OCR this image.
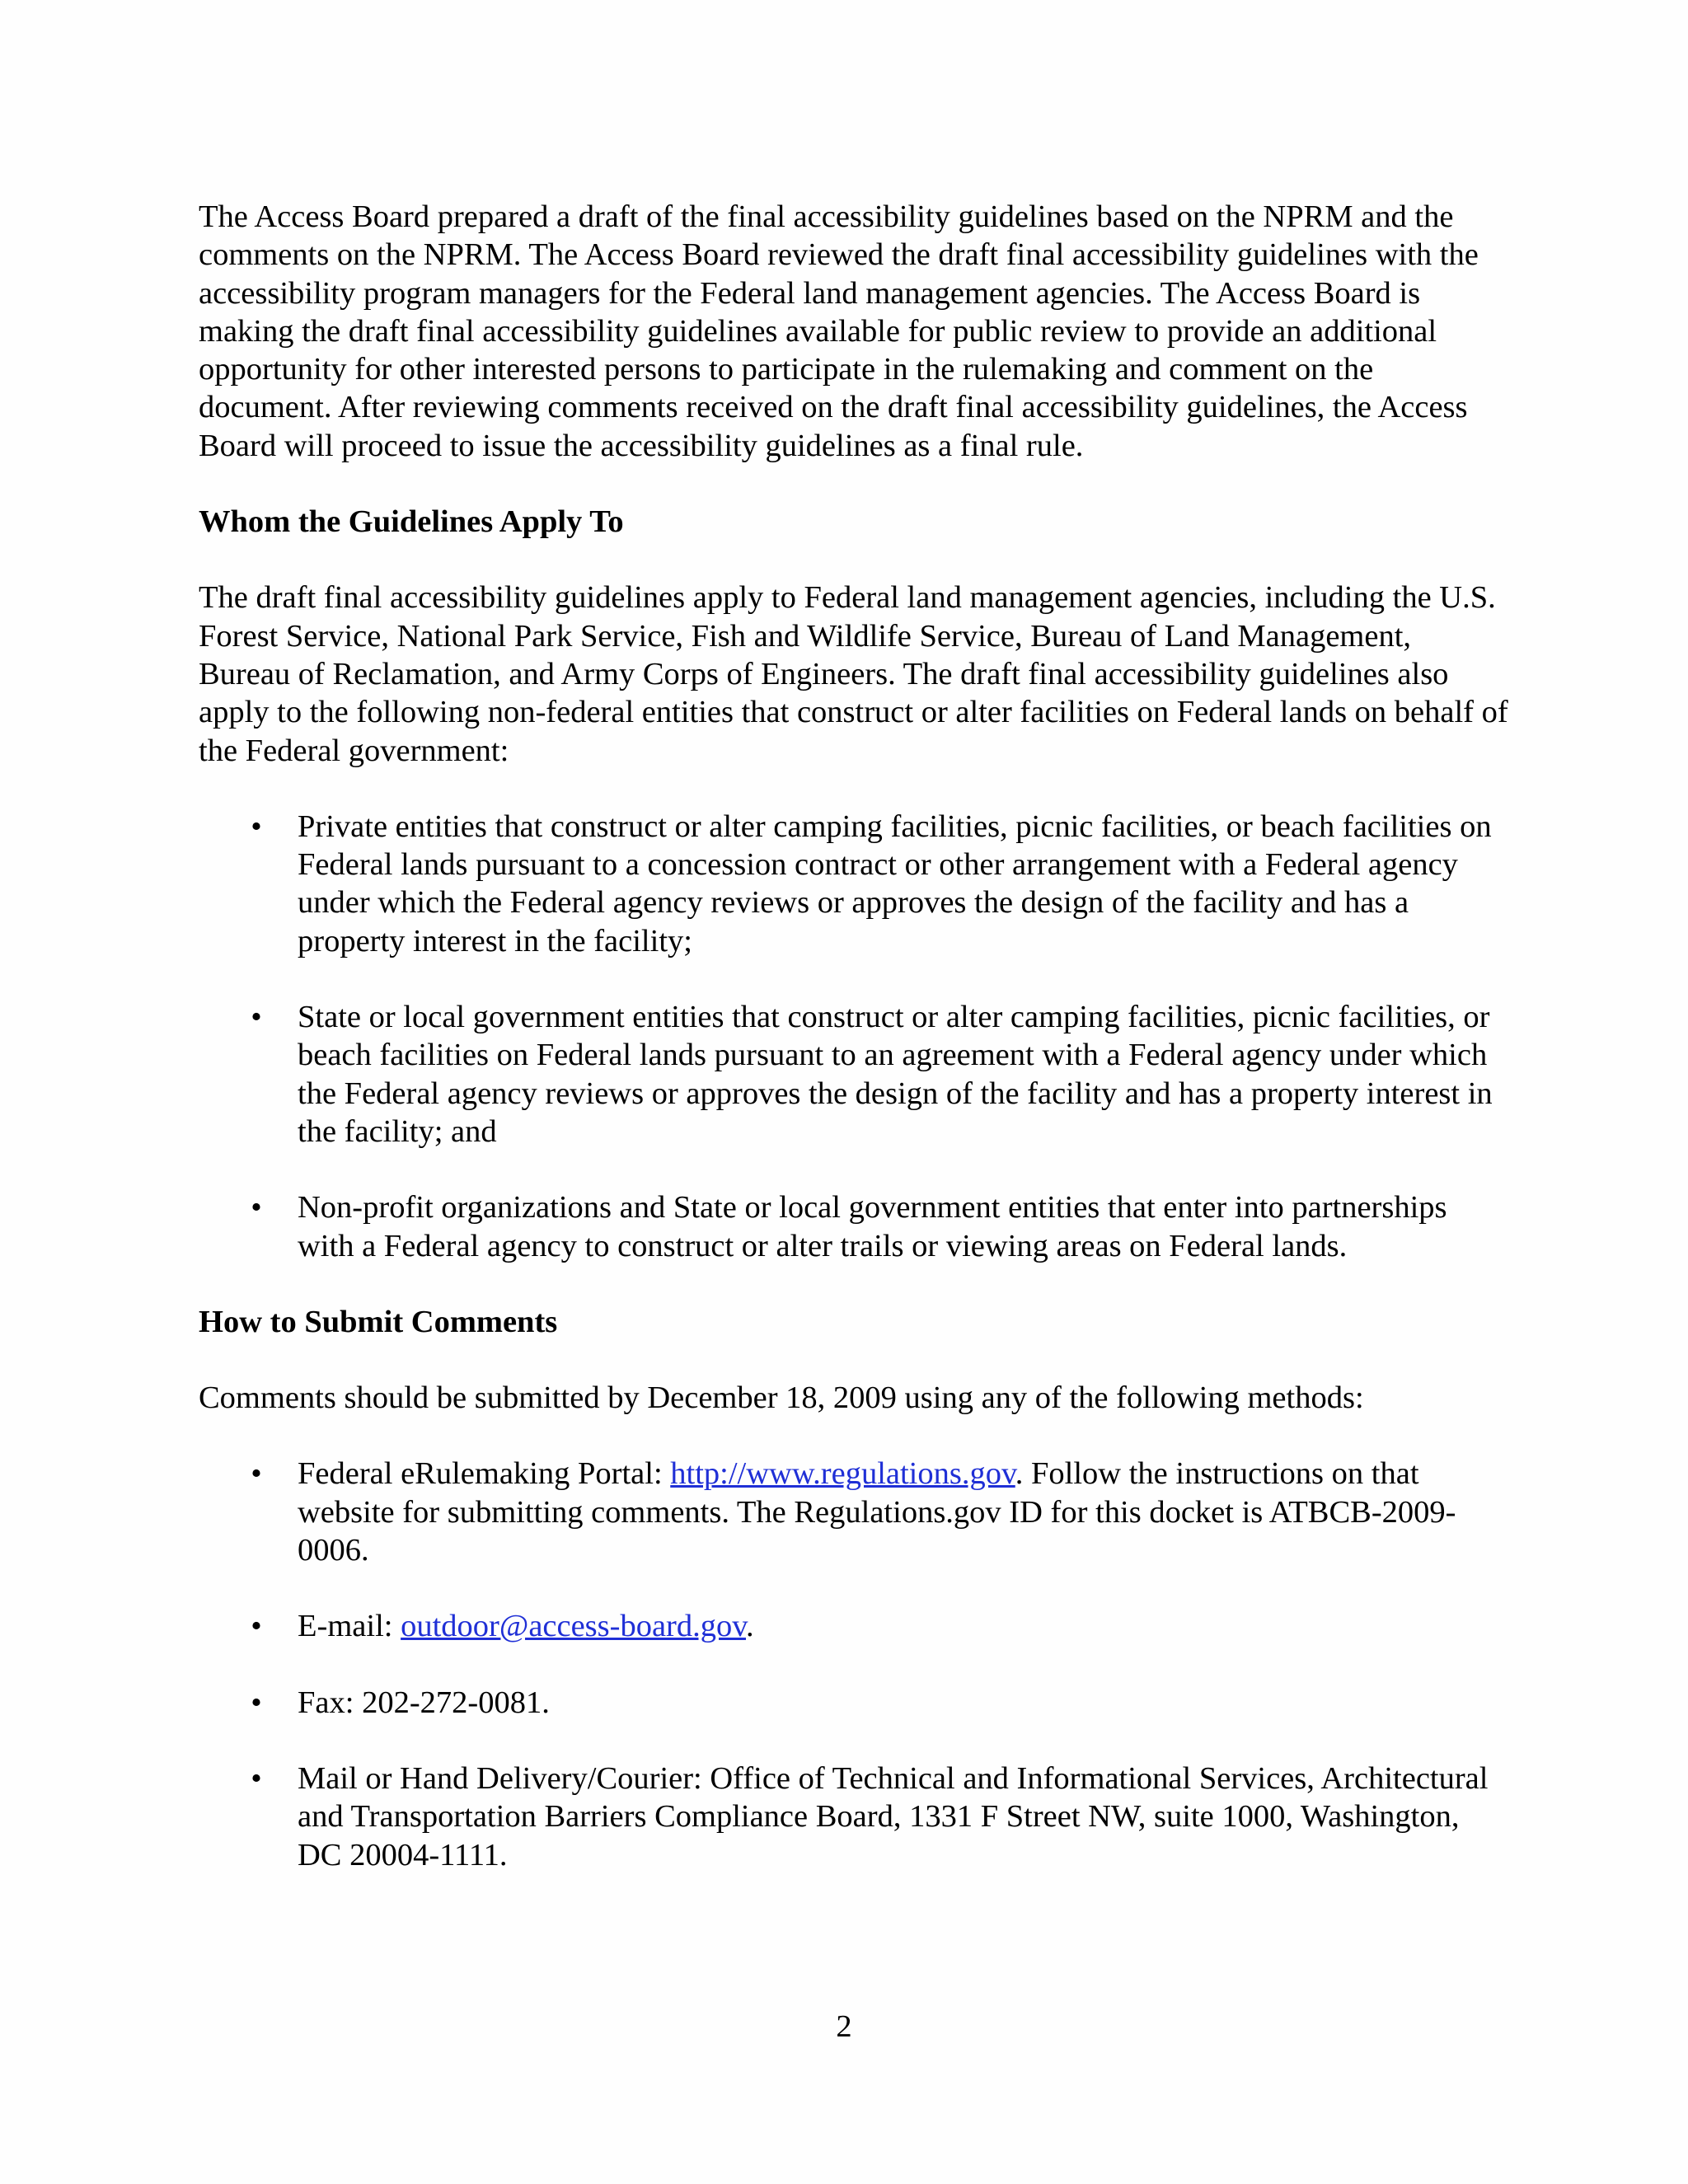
The Access Board prepared a draft of the final accessibility guidelines based on the NPRM and the comments on the NPRM. The Access Board reviewed the draft final accessibility guidelines with the accessibility program managers for the Federal land management agencies. The Access Board is making the draft final accessibility guidelines available for public review to provide an additional opportunity for other interested persons to participate in the rulemaking and comment on the document. After reviewing comments received on the draft final accessibility guidelines, the Access Board will proceed to issue the accessibility guidelines as a final rule.

Whom the Guidelines Apply To

The draft final accessibility guidelines apply to Federal land management agencies, including the U.S. Forest Service, National Park Service, Fish and Wildlife Service, Bureau of Land Management, Bureau of Reclamation, and Army Corps of Engineers. The draft final accessibility guidelines also apply to the following non-federal entities that construct or alter facilities on Federal lands on behalf of the Federal government:

• Private entities that construct or alter camping facilities, picnic facilities, or beach facilities on Federal lands pursuant to a concession contract or other arrangement with a Federal agency under which the Federal agency reviews or approves the design of the facility and has a property interest in the facility;
• State or local government entities that construct or alter camping facilities, picnic facilities, or beach facilities on Federal lands pursuant to an agreement with a Federal agency under which the Federal agency reviews or approves the design of the facility and has a property interest in the facility; and
• Non-profit organizations and State or local government entities that enter into partnerships with a Federal agency to construct or alter trails or viewing areas on Federal lands.

How to Submit Comments

Comments should be submitted by December 18, 2009 using any of the following methods:

• Federal eRulemaking Portal: http://www.regulations.gov. Follow the instructions on that website for submitting comments. The Regulations.gov ID for this docket is ATBCB-2009-0006.
• E-mail: outdoor@access-board.gov.
• Fax: 202-272-0081.
• Mail or Hand Delivery/Courier: Office of Technical and Informational Services, Architectural and Transportation Barriers Compliance Board, 1331 F Street NW, suite 1000, Washington, DC 20004-1111.
2
